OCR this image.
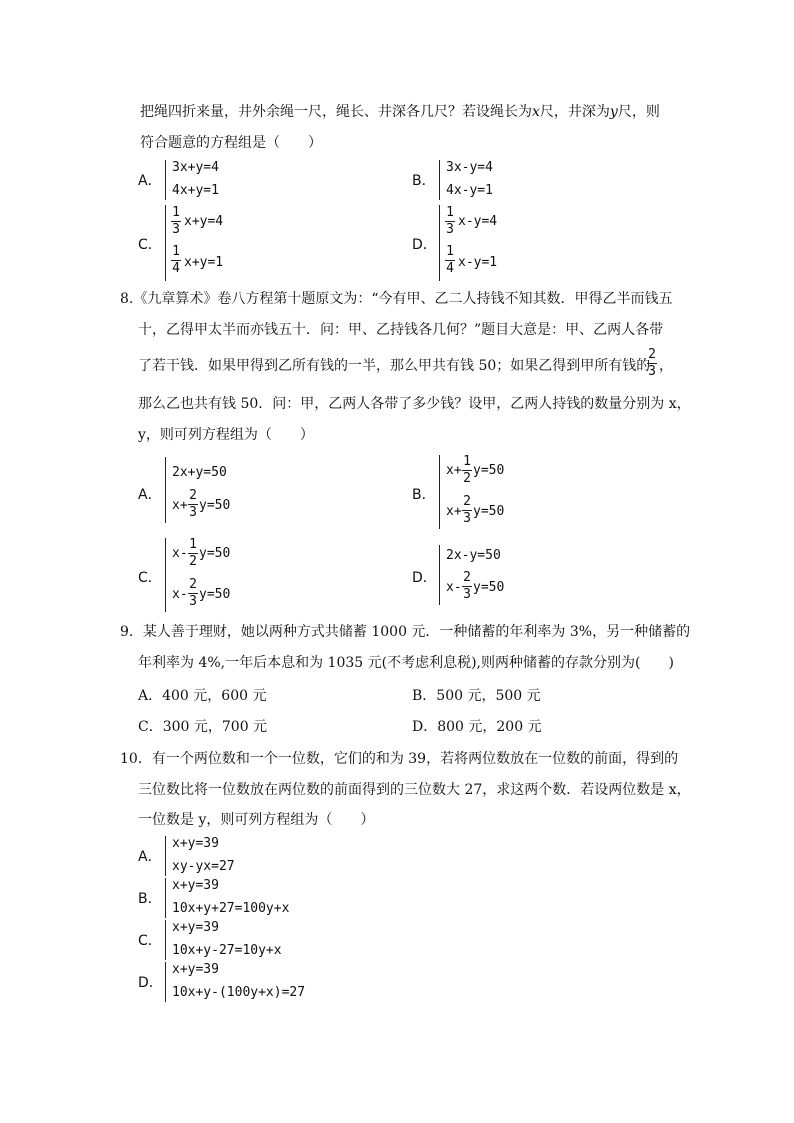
把绳四折来量，井外余绳一尺，绳长、井深各几尺？若设绳长为x尺，井深为y尺，则
符合题意的方程组是（　　）
A．
3x+y=4
4x+y=1
B．
3x-y=4
4x-y=1
C．
1
3
x+y=4
1
4 x+y=1
D．
1
3
x-y=4
1
4 x-y=1
8.《九章算术》卷八方程第十题原文为：“今有甲、乙二人持钱不知其数．甲得乙半而钱五
十，乙得甲太半而亦钱五十．问：甲、乙持钱各几何？”题目大意是：甲、乙两人各带
了若干钱．如果甲得到乙所有钱的一半，那么甲共有钱 50；如果乙得到甲所有钱的
2
3 ，
那么乙也共有钱 50．问：甲，乙两人各带了多少钱？设甲，乙两人持钱的数量分别为 x，
y，则可列方程组为（　　）
A．
2x+y=50
x+
2
3 y=50
B．
x+
1
2
y=50
x+
2
3 y=50
C．
x-
1
2
y=50
x-
2
3 y=50
D．
2x-y=50
x-
2
3 y=50
9．某人善于理财，她以两种方式共储蓄 1000 元．一种储蓄的年利率为 3%，另一种储蓄的
年利率为 4%,一年后本息和为 1035 元(不考虑利息税),则两种储蓄的存款分别为(　　)
A．400 元，600 元	B．500 元，500 元
C．300 元，700 元	D．800 元，200 元
10．有一个两位数和一个一位数，它们的和为 39，若将两位数放在一位数的前面，得到的
三位数比将一位数放在两位数的前面得到的三位数大 27，求这两个数．若设两位数是 x，
一位数是 y，则可列方程组为（　　）
A．
x+y=39
xy-yx=27
B．
x+y=39
10x+y+27=100y+x
C．
x+y=39
10x+y-27=10y+x
D．
x+y=39
10x+y-(100y+x)=27
